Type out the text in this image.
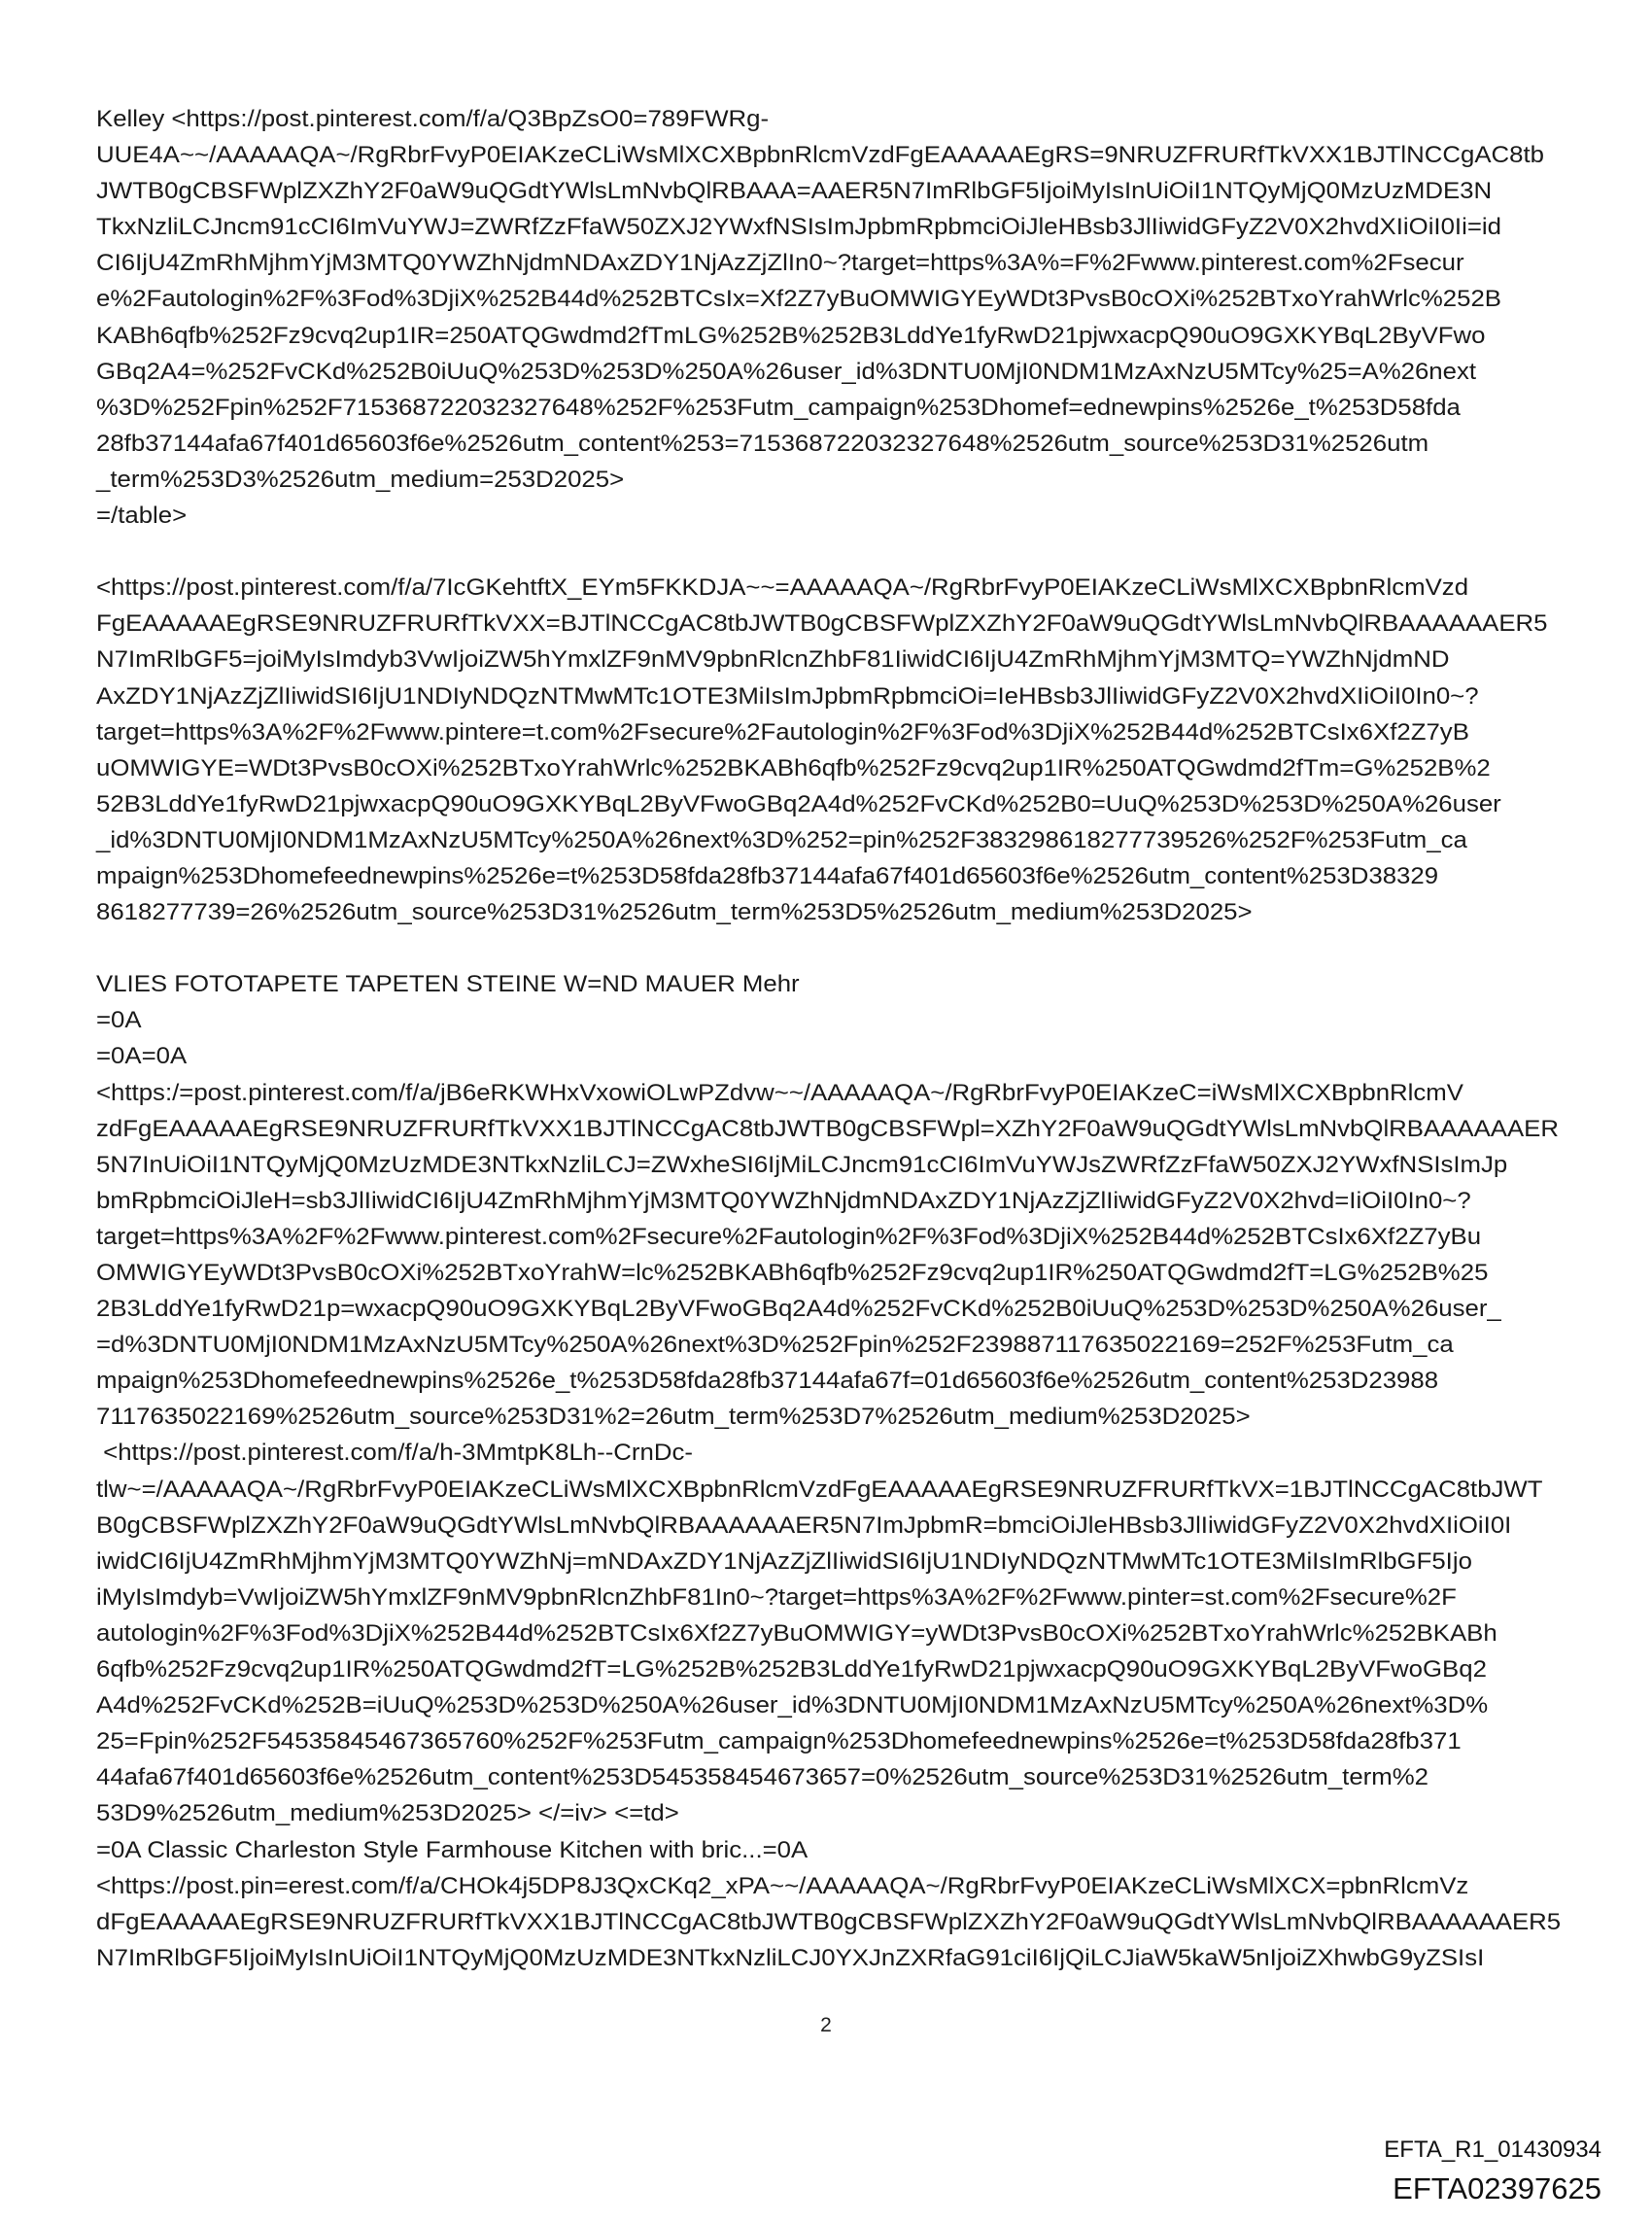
Kelley <https://post.pinterest.com/f/a/Q3BpZsO0=789FWRg-
UUE4A~~/AAAAAQA~/RgRbrFvyP0EIAKzeCLiWsMlXCXBpbnRlcmVzdFgEAAAAAEgRS=9NRUZFRURfTkVXX1BJTlNCCgAC8tb
JWTB0gCBSFWplZXZhY2F0aW9uQGdtYWlsLmNvbQlRBAAA=AAER5N7ImRlbGF5IjoiMyIsInUiOiI1NTQyMjQ0MzUzMDE3N
TkxNzliLCJncm91cCI6ImVuYWJ=ZWRfZzFfaW50ZXJ2YWxfNSIsImJpbmRpbmciOiJleHBsb3JlIiwidGFyZ2V0X2hvdXIiOiI0Ii=id
CI6IjU4ZmRhMjhmYjM3MTQ0YWZhNjdmNDAxZDY1NjAzZjZlIn0~?target=https%3A%=F%2Fwww.pinterest.com%2Fsecur
e%2Fautologin%2F%3Fod%3DjiX%252B44d%252BTCsIx=Xf2Z7yBuOMWIGYEyWDt3PvsB0cOXi%252BTxoYrahWrlc%252B
KABh6qfb%252Fz9cvq2up1IR=250ATQGwdmd2fTmLG%252B%252B3LddYe1fyRwD21pjwxacpQ90uO9GXKYBqL2ByVFwo
GBq2A4=%252FvCKd%252B0iUuQ%253D%253D%250A%26user_id%3DNTU0MjI0NDM1MzAxNzU5MTcy%25=A%26next
%3D%252Fpin%252F715368722032327648%252F%253Futm_campaign%253Dhomef=ednewpins%2526e_t%253D58fda
28fb37144afa67f401d65603f6e%2526utm_content%253=715368722032327648%2526utm_source%253D31%2526utm
_term%253D3%2526utm_medium=253D2025>
=/table>
<https://post.pinterest.com/f/a/7IcGKehtftX_EYm5FKKDJA~~=AAAAAQA~/RgRbrFvyP0EIAKzeCLiWsMlXCXBpbnRlcmVzd
FgEAAAAAEgRSE9NRUZFRURfTkVXX=BJTlNCCgAC8tbJWTB0gCBSFWplZXZhY2F0aW9uQGdtYWlsLmNvbQlRBAAAAAAER5
N7ImRlbGF5=joiMyIsImdyb3VwIjoiZW5hYmxlZF9nMV9pbnRlcnZhbF81IiwidCI6IjU4ZmRhMjhmYjM3MTQ=YWZhNjdmND
AxZDY1NjAzZjZlIiwidSI6IjU1NDIyNDQzNTMwMTc1OTE3MiIsImJpbmRpbmciOi=IeHBsb3JlIiwidGFyZ2V0X2hvdXIiOiI0In0~?
target=https%3A%2F%2Fwww.pintere=t.com%2Fsecure%2Fautologin%2F%3Fod%3DjiX%252B44d%252BTCsIx6Xf2Z7yB
uOMWIGYE=WDt3PvsB0cOXi%252BTxoYrahWrlc%252BKABh6qfb%252Fz9cvq2up1IR%250ATQGwdmd2fTm=G%252B%2
52B3LddYe1fyRwD21pjwxacpQ90uO9GXKYBqL2ByVFwoGBq2A4d%252FvCKd%252B0=UuQ%253D%253D%250A%26user
_id%3DNTU0MjI0NDM1MzAxNzU5MTcy%250A%26next%3D%252=pin%252F383298618277739526%252F%253Futm_ca
mpaign%253Dhomefeednewpins%2526e=t%253D58fda28fb37144afa67f401d65603f6e%2526utm_content%253D38329
8618277739=26%2526utm_source%253D31%2526utm_term%253D5%2526utm_medium%253D2025>
VLIES FOTOTAPETE TAPETEN STEINE W=ND MAUER Mehr
=0A
=0A=0A
<https:/=post.pinterest.com/f/a/jB6eRKWHxVxowiOLwPZdvw~~/AAAAAQA~/RgRbrFvyP0EIAKzeC=iWsMlXCXBpbnRlcmV
zdFgEAAAAAEgRSE9NRUZFRURfTkVXX1BJTlNCCgAC8tbJWTB0gCBSFWpl=XZhY2F0aW9uQGdtYWlsLmNvbQlRBAAAAAAER
5N7InUiOiI1NTQyMjQ0MzUzMDE3NTkxNzliLCJ=ZWxheSI6IjMiLCJncm91cCI6ImVuYWJsZWRfZzFfaW50ZXJ2YWxfNSIsImJp
bmRpbmciOiJleH=sb3JlIiwidCI6IjU4ZmRhMjhmYjM3MTQ0YWZhNjdmNDAxZDY1NjAzZjZlIiwidGFyZ2V0X2hvd=IiOiI0In0~?
target=https%3A%2F%2Fwww.pinterest.com%2Fsecure%2Fautologin%2F%3Fod%3DjiX%252B44d%252BTCsIx6Xf2Z7yBu
OMWIGYEyWDt3PvsB0cOXi%252BTxoYrahW=lc%252BKABh6qfb%252Fz9cvq2up1IR%250ATQGwdmd2fT=LG%252B%25
2B3LddYe1fyRwD21p=wxacpQ90uO9GXKYBqL2ByVFwoGBq2A4d%252FvCKd%252B0iUuQ%253D%253D%250A%26user_
=d%3DNTU0MjI0NDM1MzAxNzU5MTcy%250A%26next%3D%252Fpin%252F239887117635022169=252F%253Futm_ca
mpaign%253Dhomefeednewpins%2526e_t%253D58fda28fb37144afa67f=01d65603f6e%2526utm_content%253D23988
7117635022169%2526utm_source%253D31%2=26utm_term%253D7%2526utm_medium%253D2025>
<https://post.pinterest.com/f/a/h-3MmtpK8Lh--CrnDc-
tlw~=/AAAAAQA~/RgRbrFvyP0EIAKzeCLiWsMlXCXBpbnRlcmVzdFgEAAAAAEgRSE9NRUZFRURfTkVX=1BJTlNCCgAC8tbJWT
B0gCBSFWplZXZhY2F0aW9uQGdtYWlsLmNvbQlRBAAAAAAER5N7ImJpbmR=bmciOiJleHBsb3JlIiwidGFyZ2V0X2hvdXIiOiI0I
iwidCI6IjU4ZmRhMjhmYjM3MTQ0YWZhNj=mNDAxZDY1NjAzZjZlIiwidSI6IjU1NDIyNDQzNTMwMTc1OTE3MiIsImRlbGF5Ijo
iMyIsImdyb=VwIjoiZW5hYmxlZF9nMV9pbnRlcnZhbF81In0~?target=https%3A%2F%2Fwww.pinter=st.com%2Fsecure%2F
autologin%2F%3Fod%3DjiX%252B44d%252BTCsIx6Xf2Z7yBuOMWIGY=yWDt3PvsB0cOXi%252BTxoYrahWrlc%252BKABh
6qfb%252Fz9cvq2up1IR%250ATQGwdmd2fT=LG%252B%252B3LddYe1fyRwD21pjwxacpQ90uO9GXKYBqL2ByVFwoGBq2
A4d%252FvCKd%252B=iUuQ%253D%253D%250A%26user_id%3DNTU0MjI0NDM1MzAxNzU5MTcy%250A%26next%3D%
25=Fpin%252F54535845467365760%252F%253Futm_campaign%253Dhomefeednewpins%2526e=t%253D58fda28fb371
44afa67f401d65603f6e%2526utm_content%253D545358454673657=0%2526utm_source%253D31%2526utm_term%2
53D9%2526utm_medium%253D2025> </=iv> <=td>
=0A Classic Charleston Style Farmhouse Kitchen with bric...=0A
<https://post.pin=erest.com/f/a/CHOk4j5DP8J3QxCKq2_xPA~~/AAAAAQA~/RgRbrFvyP0EIAKzeCLiWsMlXCX=pbnRlcmVz
dFgEAAAAAEgRSE9NRUZFRURfTkVXX1BJTlNCCgAC8tbJWTB0gCBSFWplZXZhY2F0aW9uQGdtYWlsLmNvbQlRBAAAAAAER5
N7ImRlbGF5IjoiMyIsInUiOiI1NTQyMjQ0MzUzMDE3NTkxNzliLCJ0YXJnZXRfaG91ciI6IjQiLCJiaW5kaW5nIjoiZXhwbG9yZSIsI
2
EFTA_R1_01430934
EFTA02397625
